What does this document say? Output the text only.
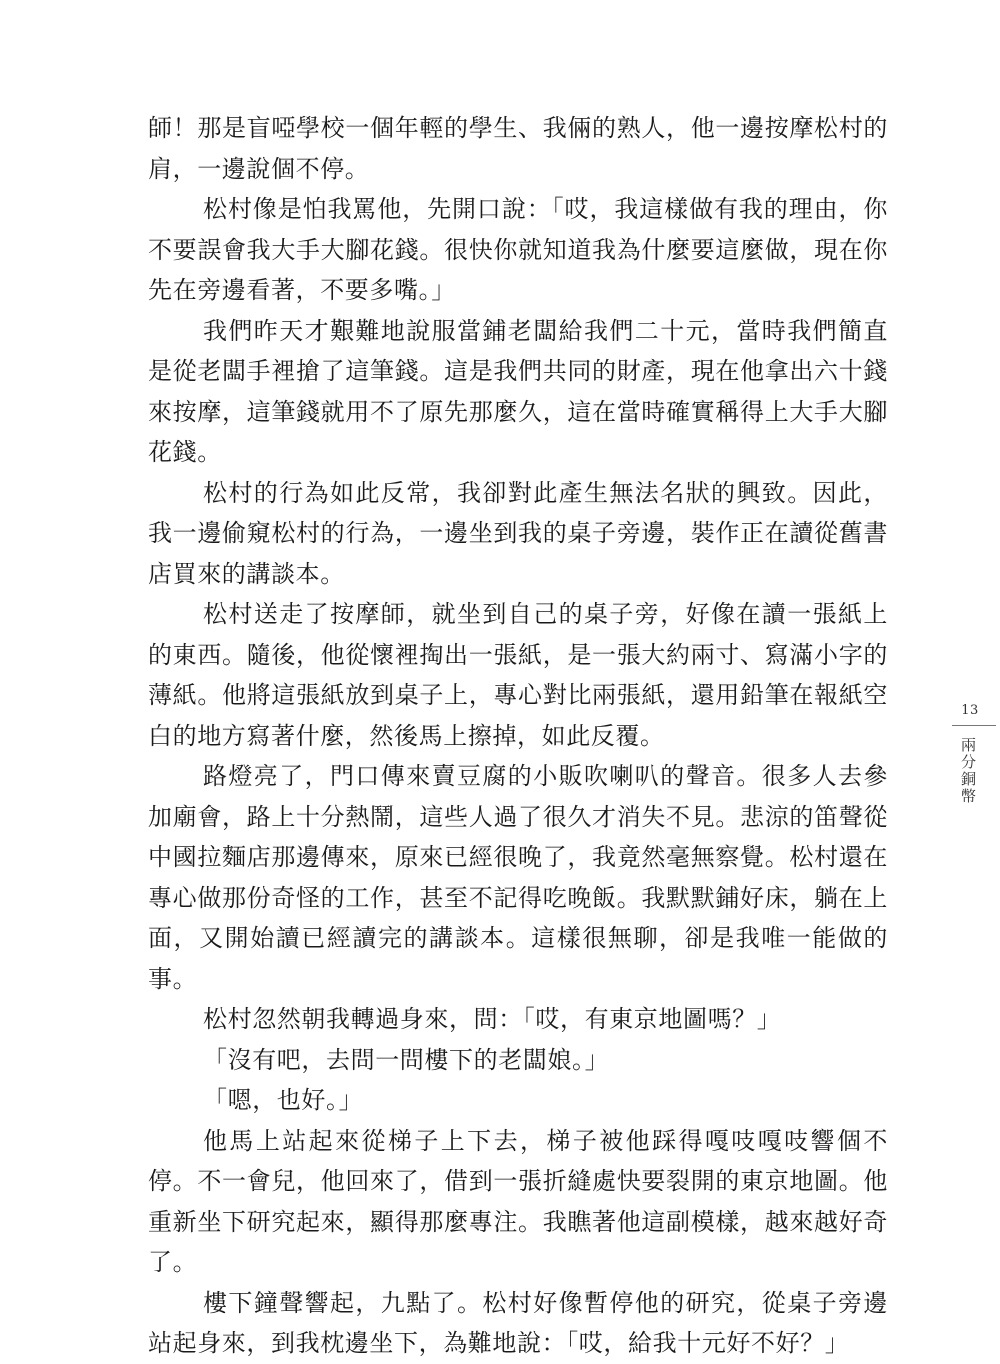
師！那是盲啞學校一個年輕的學生、我倆的熟人，他一邊按摩松村的肩，一邊說個不停。

松村像是怕我罵他，先開口說：「哎，我這樣做有我的理由，你不要誤會我大手大腳花錢。很快你就知道我為什麼要這麼做，現在你先在旁邊看著，不要多嘴。」

我們昨天才艱難地說服當鋪老闆給我們二十元，當時我們簡直是從老闆手裡搶了這筆錢。這是我們共同的財產，現在他拿出六十錢來按摩，這筆錢就用不了原先那麼久，這在當時確實稱得上大手大腳花錢。

松村的行為如此反常，我卻對此產生無法名狀的興致。因此，我一邊偷窺松村的行為，一邊坐到我的桌子旁邊，裝作正在讀從舊書店買來的講談本。

松村送走了按摩師，就坐到自己的桌子旁，好像在讀一張紙上的東西。隨後，他從懷裡掏出一張紙，是一張大約兩寸、寫滿小字的薄紙。他將這張紙放到桌子上，專心對比兩張紙，還用鉛筆在報紙空白的地方寫著什麼，然後馬上擦掉，如此反覆。

路燈亮了，門口傳來賣豆腐的小販吹喇叭的聲音。很多人去參加廟會，路上十分熱鬧，這些人過了很久才消失不見。悲涼的笛聲從中國拉麵店那邊傳來，原來已經很晚了，我竟然毫無察覺。松村還在專心做那份奇怪的工作，甚至不記得吃晚飯。我默默鋪好床，躺在上面，又開始讀已經讀完的講談本。這樣很無聊，卻是我唯一能做的事。

松村忽然朝我轉過身來，問：「哎，有東京地圖嗎？」

「沒有吧，去問一問樓下的老闆娘。」

「嗯，也好。」

他馬上站起來從梯子上下去，梯子被他踩得嘎吱嘎吱響個不停。不一會兒，他回來了，借到一張折縫處快要裂開的東京地圖。他重新坐下研究起來，顯得那麼專注。我瞧著他這副模樣，越來越好奇了。

樓下鐘聲響起，九點了。松村好像暫停他的研究，從桌子旁邊站起身來，到我枕邊坐下，為難地說：「哎，給我十元好不好？」

13
兩分銅幣
